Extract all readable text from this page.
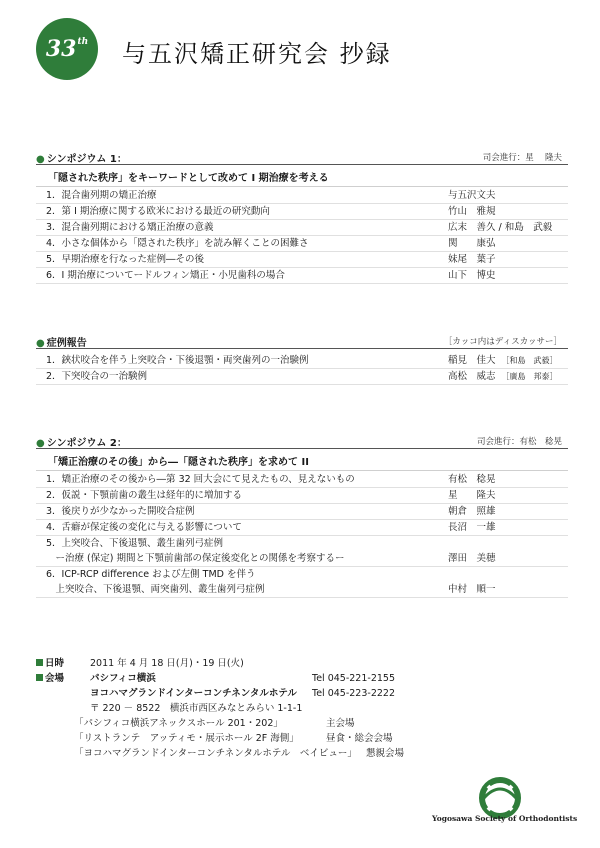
33 th 与五沢矯正研究会 抄録
● シンポジウム 1：	司会進行：星　 隆夫
「隠された秩序」をキーワードとして改めて I 期治療を考える
1．混合歯列期の矯正治療	与五沢文夫
2．第 I 期治療に関する欧米における最近の研究動向	竹山　雅規
3．混合歯列期における矯正治療の意義	広末　善久 / 和島　武毅
4．小さな個体から「隠された秩序」を読み解くことの困難さ	関　　康弘
5．早期治療を行なった症例―その後	妹尾　葉子
6．I 期治療についてードルフィン矯正・小児歯科の場合	山下　博史
● 症例報告	［カッコ内はディスカッサー］
1．鋏状咬合を伴う上突咬合・下後退顎・両突歯列の一治験例	稲見　佳大 ［和島　武毅］
2．下突咬合の一治験例	高松　威志 ［廣島　邦泰］
● シンポジウム 2：	司会進行：有松　稔晃
「矯正治療のその後」から―「隠された秩序」を求めて II
1．矯正治療のその後から―第 32 回大会にて見えたもの、見えないもの	有松　稔晃
2．仮説・下顎前歯の叢生は経年的に増加する	星　　隆夫
3．後戻りが少なかった開咬合症例	朝倉　照雄
4．舌癖が保定後の変化に与える影響について	長沼　一雄
5．上突咬合、下後退顎、叢生歯列弓症例
　ー治療 (保定) 期間と下顎前歯部の保定後変化との関係を考察するー	澤田　美穂
6．ICP-RCP difference および左側 TMD を伴う
　上突咬合、下後退顎、両突歯列、叢生歯列弓症例	中村　順一
日時	2011 年 4 月 18 日(月)・19 日(火)
会場	パシフィコ横浜	Tel 045-221-2155
ヨコハマグランドインターコンチネンタルホテル Tel 045-223-2222
〒 220 － 8522　横浜市西区みなとみらい 1-1-1
「パシフィコ横浜アネックスホール 201・202」	主会場
「リストランテ　アッティモ・展示ホール 2F 海側」	昼食・総会会場
「ヨコハマグランドインターコンチネンタルホテル　ベイビュー」 懇親会場
Yogosawa Society of Orthodontists
